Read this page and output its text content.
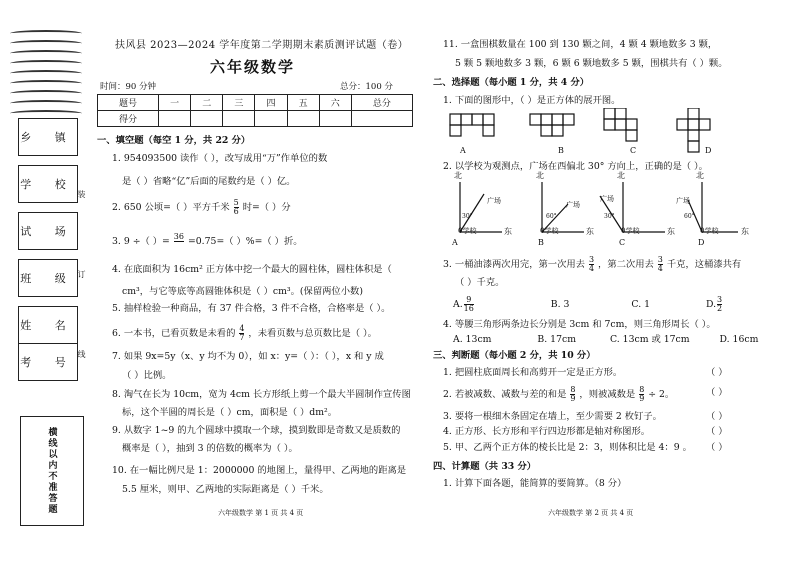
乡 镇
学 校
试 场
班 级
姓 名
考 号
装
订
线
横线以内不准答题
扶风县 2023—2024 学年度第二学期期末素质测评试题（卷）
六年级数学
时间：90 分钟	总分：100 分
题号	一	二	三	四	五	六	总分
得分							
一、填空题（每空 1 分，共 22 分）
1. 954093500 读作（ ），改写成用“万”作单位的数
是（ ）省略“亿”后面的尾数约是（ ）亿。
2. 650 公顷=（ ）平方千米 $\frac{5}{6}$ 时=（ ）分
3. 9 ÷（ ）= $\frac{36}{00} =0.75=$（ ）%=（ ）折。
4. 在底面积为 16cm² 正方体中挖一个最大的圆柱体，圆柱体积是（
cm³，与它等底等高圆锥体积是（ ）cm³。(保留两位小数)
5. 抽样检验一种商品，有 37 件合格，3 件不合格，合格率是（ ）。
6. 一本书，已看页数是未看的 $\frac{4}{7}$ ，未看页数与总页数比是（ ）。
7. 如果 9x=5y（x、y 均不为 0），如 x：y=（ ）：（ ），x 和 y 成
（ ）比例。
8. 淘气在长为 10cm，宽为 4cm 长方形纸上剪一个最大半圆制作宣传图
标，这个半圆的周长是（ ）cm，面积是（ ）dm²。
9. 从数字 1~9 的九个圆球中摸取一个球，摸到数即是奇数又是质数的
概率是（ ），抽到 3 的倍数的概率为（ ）。
10. 在一幅比例尺是 1：2000000 的地图上，量得甲、乙两地的距离是
5.5 厘米，则甲、乙两地的实际距离是（ ）千米。
六年级数学 第 1 页 共 4 页
11. 一盒围棋数量在 100 到 130 颗之间，4 颗 4 颗地数多 3 颗，
5 颗 5 颗地数多 3 颗，6 颗 6 颗地数多 5 颗，围棋共有（ ）颗。
二、选择题（每小题 1 分，共 4 分）
1. 下面的图形中，（ ）是正方体的展开图。
A	B	C	D
2. 以学校为观测点，广场在西偏北 30° 方向上，正确的是（ ）。
北	北	北	北
广场	广场
广场	广场
30°	60°	30°	60°
0学校	0学校	0学校	0学校
东	东	东	东
A	B	C	D
3. 一桶油漆两次用完，第一次用去 $\frac{3}{4}$ ，第二次用去 $\frac{3}{4}$ 千克，这桶漆共有
（ ）千克。
A. $\frac{9}{16}$	B. 3	C. 1	D. $\frac{3}{2}$
4. 等腰三角形两条边长分别是 3cm 和 7cm，则三角形周长（ ）。
A. 13cm	B. 17cm	C. 13cm 或 17cm	D. 16cm
三、判断题（每小题 2 分，共 10 分）
1. 把圆柱底面周长和高剪开一定是正方形。	（ ）
2. 若被减数、减数与差的和是 $\frac{8}{9}$ ，则被减数是 $\frac{8}{9} \div 2$。	（ ）
3. 要将一根细木条固定在墙上，至少需要 2 枚钉子。	（ ）
4. 正方形、长方形和平行四边形都是轴对称图形。	（ ）
5. 甲、乙两个正方体的棱长比是 2：3，则体积比是 4：9 。 （ ）
四、计算题（共 33 分）
1. 计算下面各题，能简算的要简算。（8 分）
六年级数学 第 2 页 共 4 页
